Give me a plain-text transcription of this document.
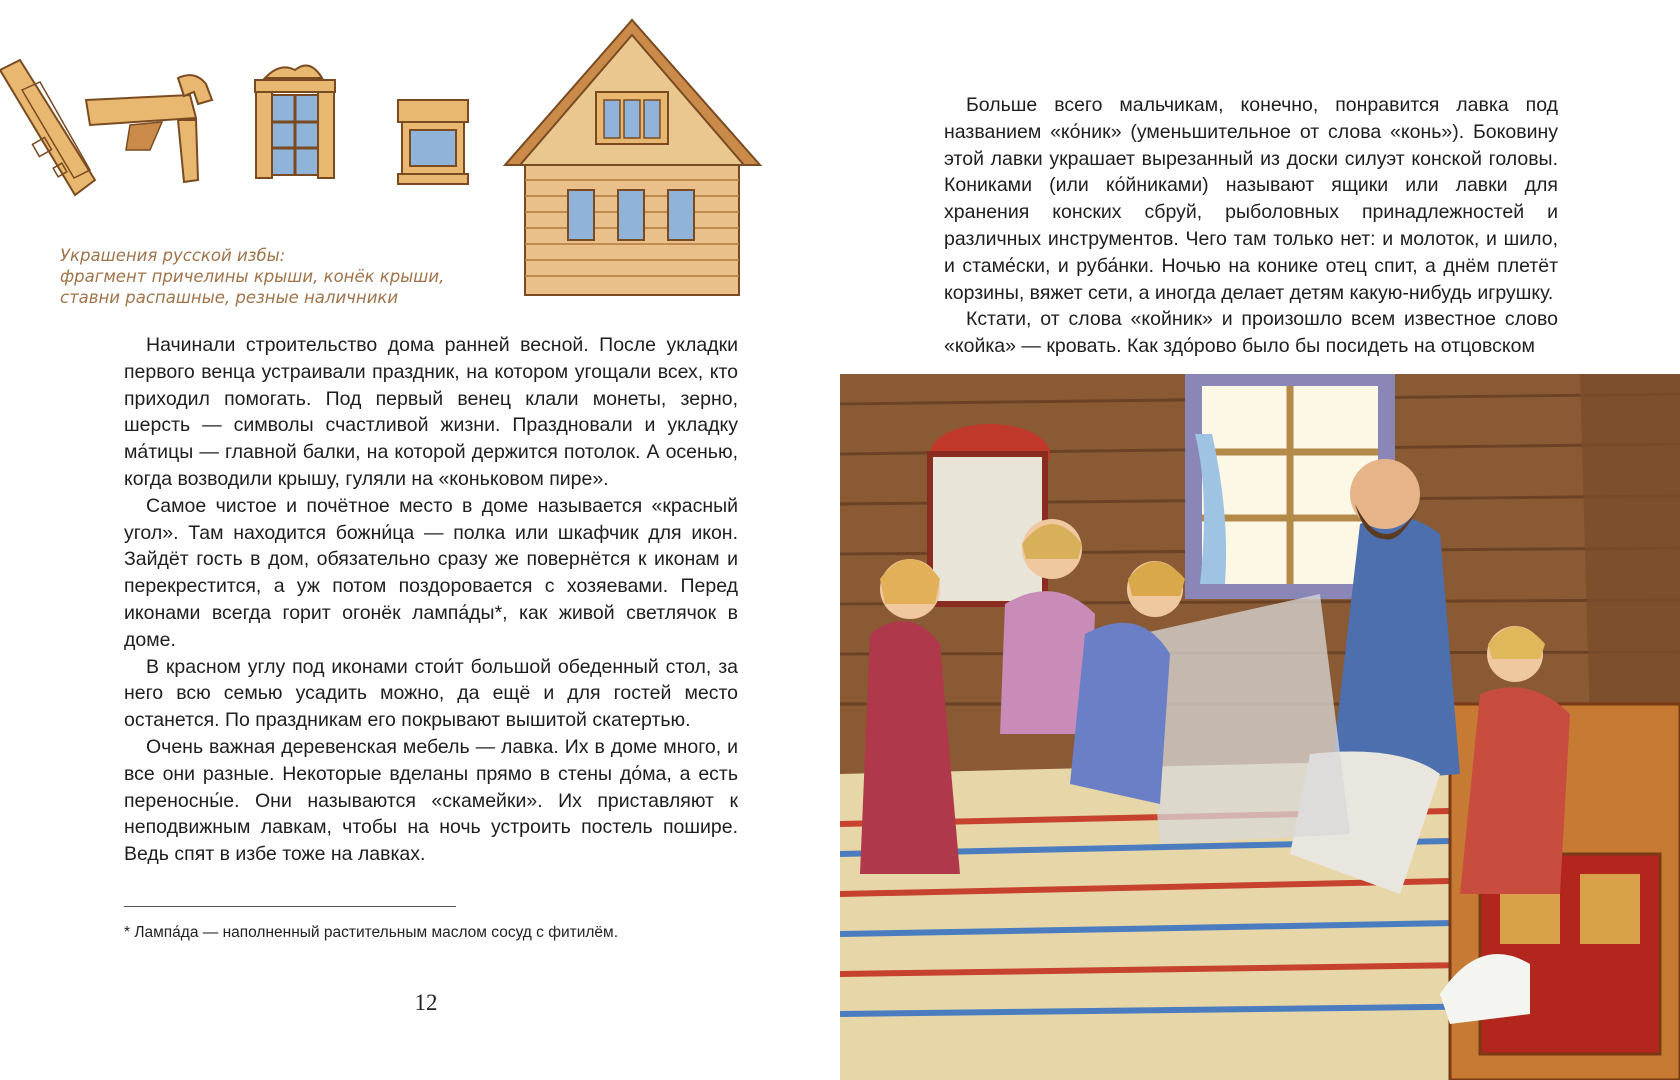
Украшения русской избы:
фрагмент причелины крыши, конёк крыши,
ставни распашные, резные наличники

Начинали строительство дома ранней весной. После укладки первого венца устраивали праздник, на котором угощали всех, кто приходил помогать. Под первый венец клали монеты, зерно, шерсть — символы счастливой жизни. Праздновали и укладку ма́тицы — главной балки, на которой держится потолок. А осенью, когда возводили крышу, гуляли на «коньковом пире».

Самое чистое и почётное место в доме называется «красный угол». Там находится божни́ца — полка или шкафчик для икон. Зайдёт гость в дом, обязательно сразу же повернётся к иконам и перекрестится, а уж потом поздоровается с хозяевами. Перед иконами всегда горит огонёк лампа́ды*, как живой светлячок в доме.

В красном углу под иконами стои́т большой обеденный стол, за него всю семью усадить можно, да ещё и для гостей место останется. По праздникам его покрывают вышитой скатертью.

Очень важная деревенская мебель — лавка. Их в доме много, и все они разные. Некоторые вделаны прямо в стены до́ма, а есть переносны́е. Они называются «скамейки». Их приставляют к неподвижным лавкам, чтобы на ночь устроить постель пошире. Ведь спят в избе тоже на лавках.

* Лампа́да — наполненный растительным маслом сосуд с фитилём.
12

Больше всего мальчикам, конечно, понравится лавка под названием «ко́ник» (уменьшительное от слова «конь»). Боковину этой лавки украшает вырезанный из доски силуэт конской головы. Кониками (или ко́йниками) называют ящики или лавки для хранения конских сбруй, рыболовных принадлежностей и различных инструментов. Чего там только нет: и молоток, и шило, и стаме́ски, и руба́нки. Ночью на конике отец спит, а днём плетёт корзины, вяжет сети, а иногда делает детям какую-нибудь игрушку.

Кстати, от слова «койник» и произошло всем известное слово «койка» — кровать. Как здо́рово было бы посидеть на отцовском
